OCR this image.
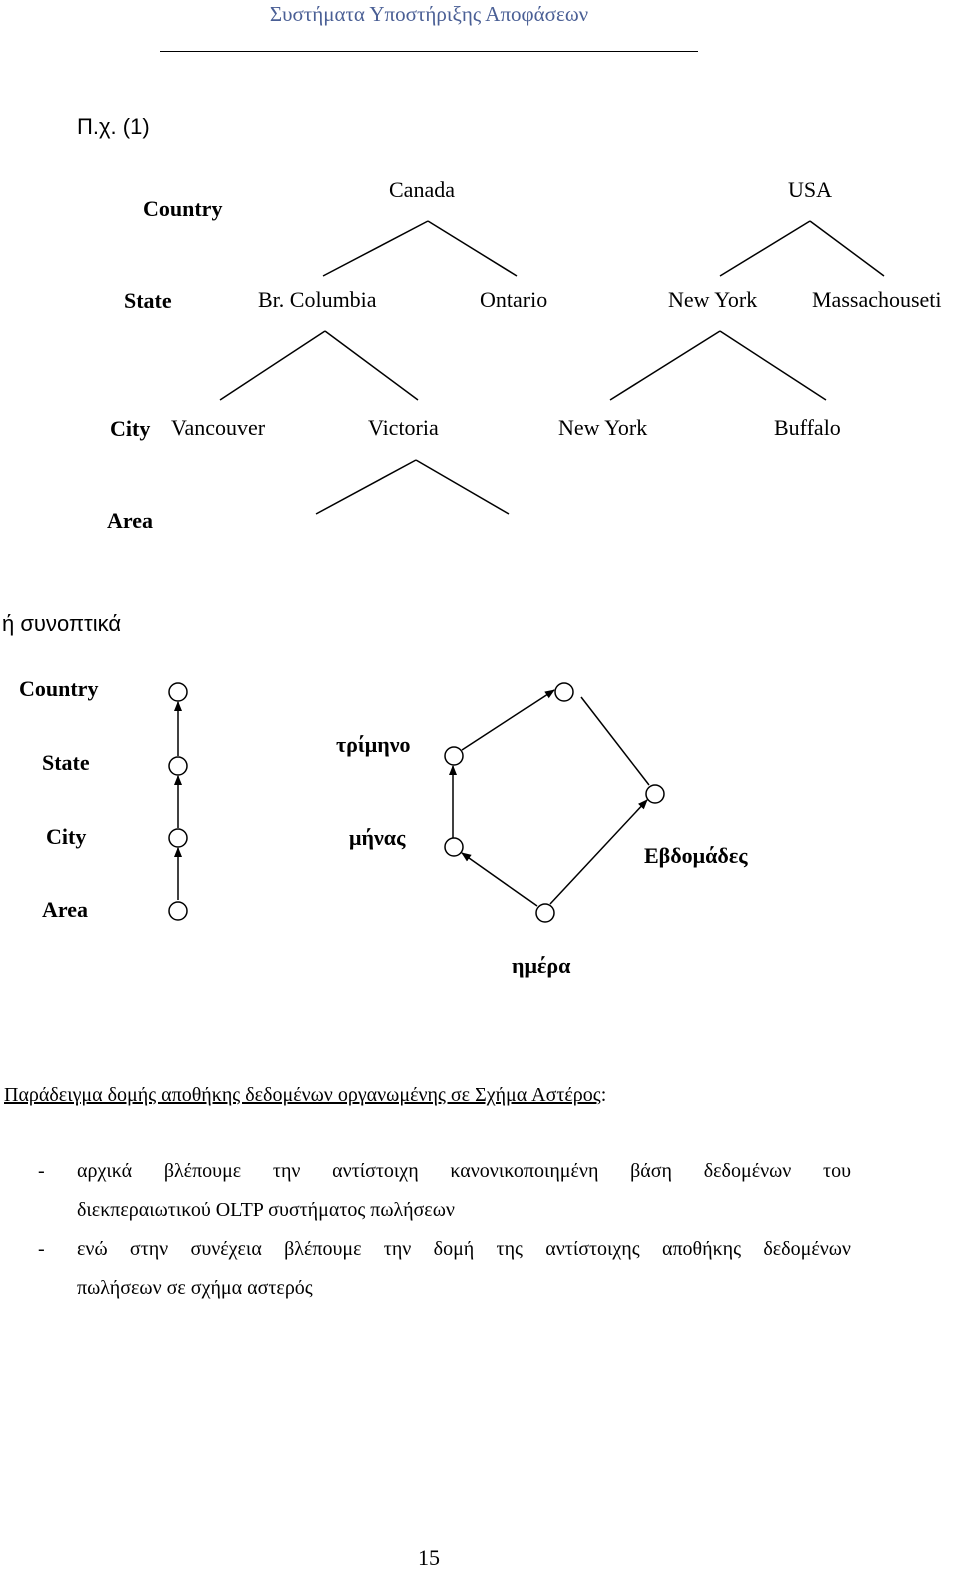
Συστήματα Υποστήριξης Αποφάσεων
Π.χ. (1)
Country
Canada	USA
State	Br. Columbia	Ontario	New York Massachouseti
City Vancouver	Victoria	New York	Buffalo
Area
ή συνοπτικά
Country
State
City
Area
τρίμηνο
μήνας
Εβδομάδες
ημέρα
Παράδειγμα δομής αποθήκης δεδομένων οργανωμένης σε Σχήμα Αστέρος:
- αρχικά βλέπουμε την αντίστοιχη κανονικοποιημένη βάση δεδομένων του
διεκπεραιωτικού OLTP συστήματος πωλήσεων
- ενώ στην συνέχεια βλέπουμε την δομή της αντίστοιχης αποθήκης δεδομένων
πωλήσεων σε σχήμα αστερός
15
